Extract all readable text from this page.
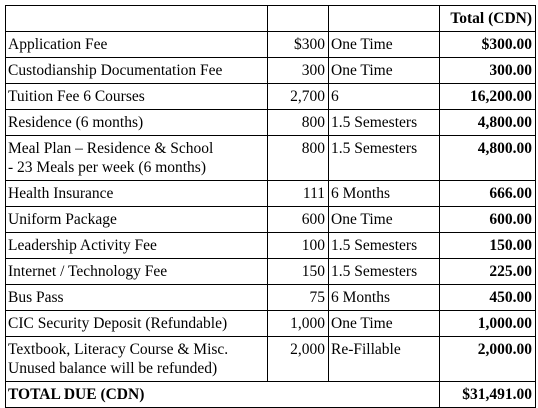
			Total (CDN)
Application Fee	$300	One Time	$300.00
Custodianship Documentation Fee	300	One Time	300.00
Tuition Fee 6 Courses	2,700	6	16,200.00
Residence (6 months)	800	1.5 Semesters	4,800.00
Meal Plan – Residence & School
- 23 Meals per week (6 months)	800	1.5 Semesters	4,800.00
Health Insurance	111	6 Months	666.00
Uniform Package	600	One Time	600.00
Leadership Activity Fee	100	1.5 Semesters	150.00
Internet / Technology Fee	150	1.5 Semesters	225.00
Bus Pass	75	6 Months	450.00
CIC Security Deposit (Refundable)	1,000	One Time	1,000.00
Textbook, Literacy Course & Misc.
Unused balance will be refunded)	2,000	Re-Fillable	2,000.00
TOTAL DUE (CDN)			$31,491.00
